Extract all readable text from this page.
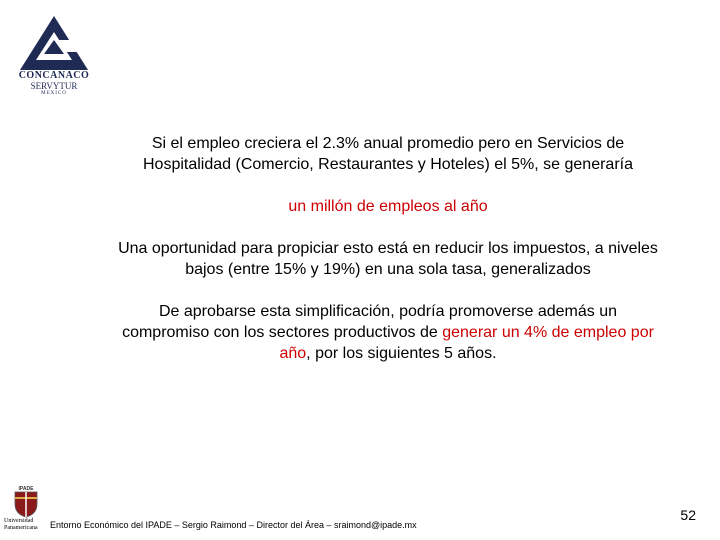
CONCANACO
SERVYTUR
MEXICO

Si el empleo creciera el 2.3% anual promedio pero en Servicios de Hospitalidad (Comercio, Restaurantes y Hoteles) el 5%, se generaría

un millón de empleos al año

Una oportunidad para propiciar esto está en reducir los impuestos, a niveles bajos (entre 15% y 19%) en una sola tasa, generalizados

De aprobarse esta simplificación, podría promoverse además un compromiso con los sectores productivos de generar un 4% de empleo por año, por los siguientes 5 años.

IPADE
Universidad Panamericana	Entorno Económico del IPADE – Sergio Raimond – Director del Área – sraimond@ipade.mx
52
